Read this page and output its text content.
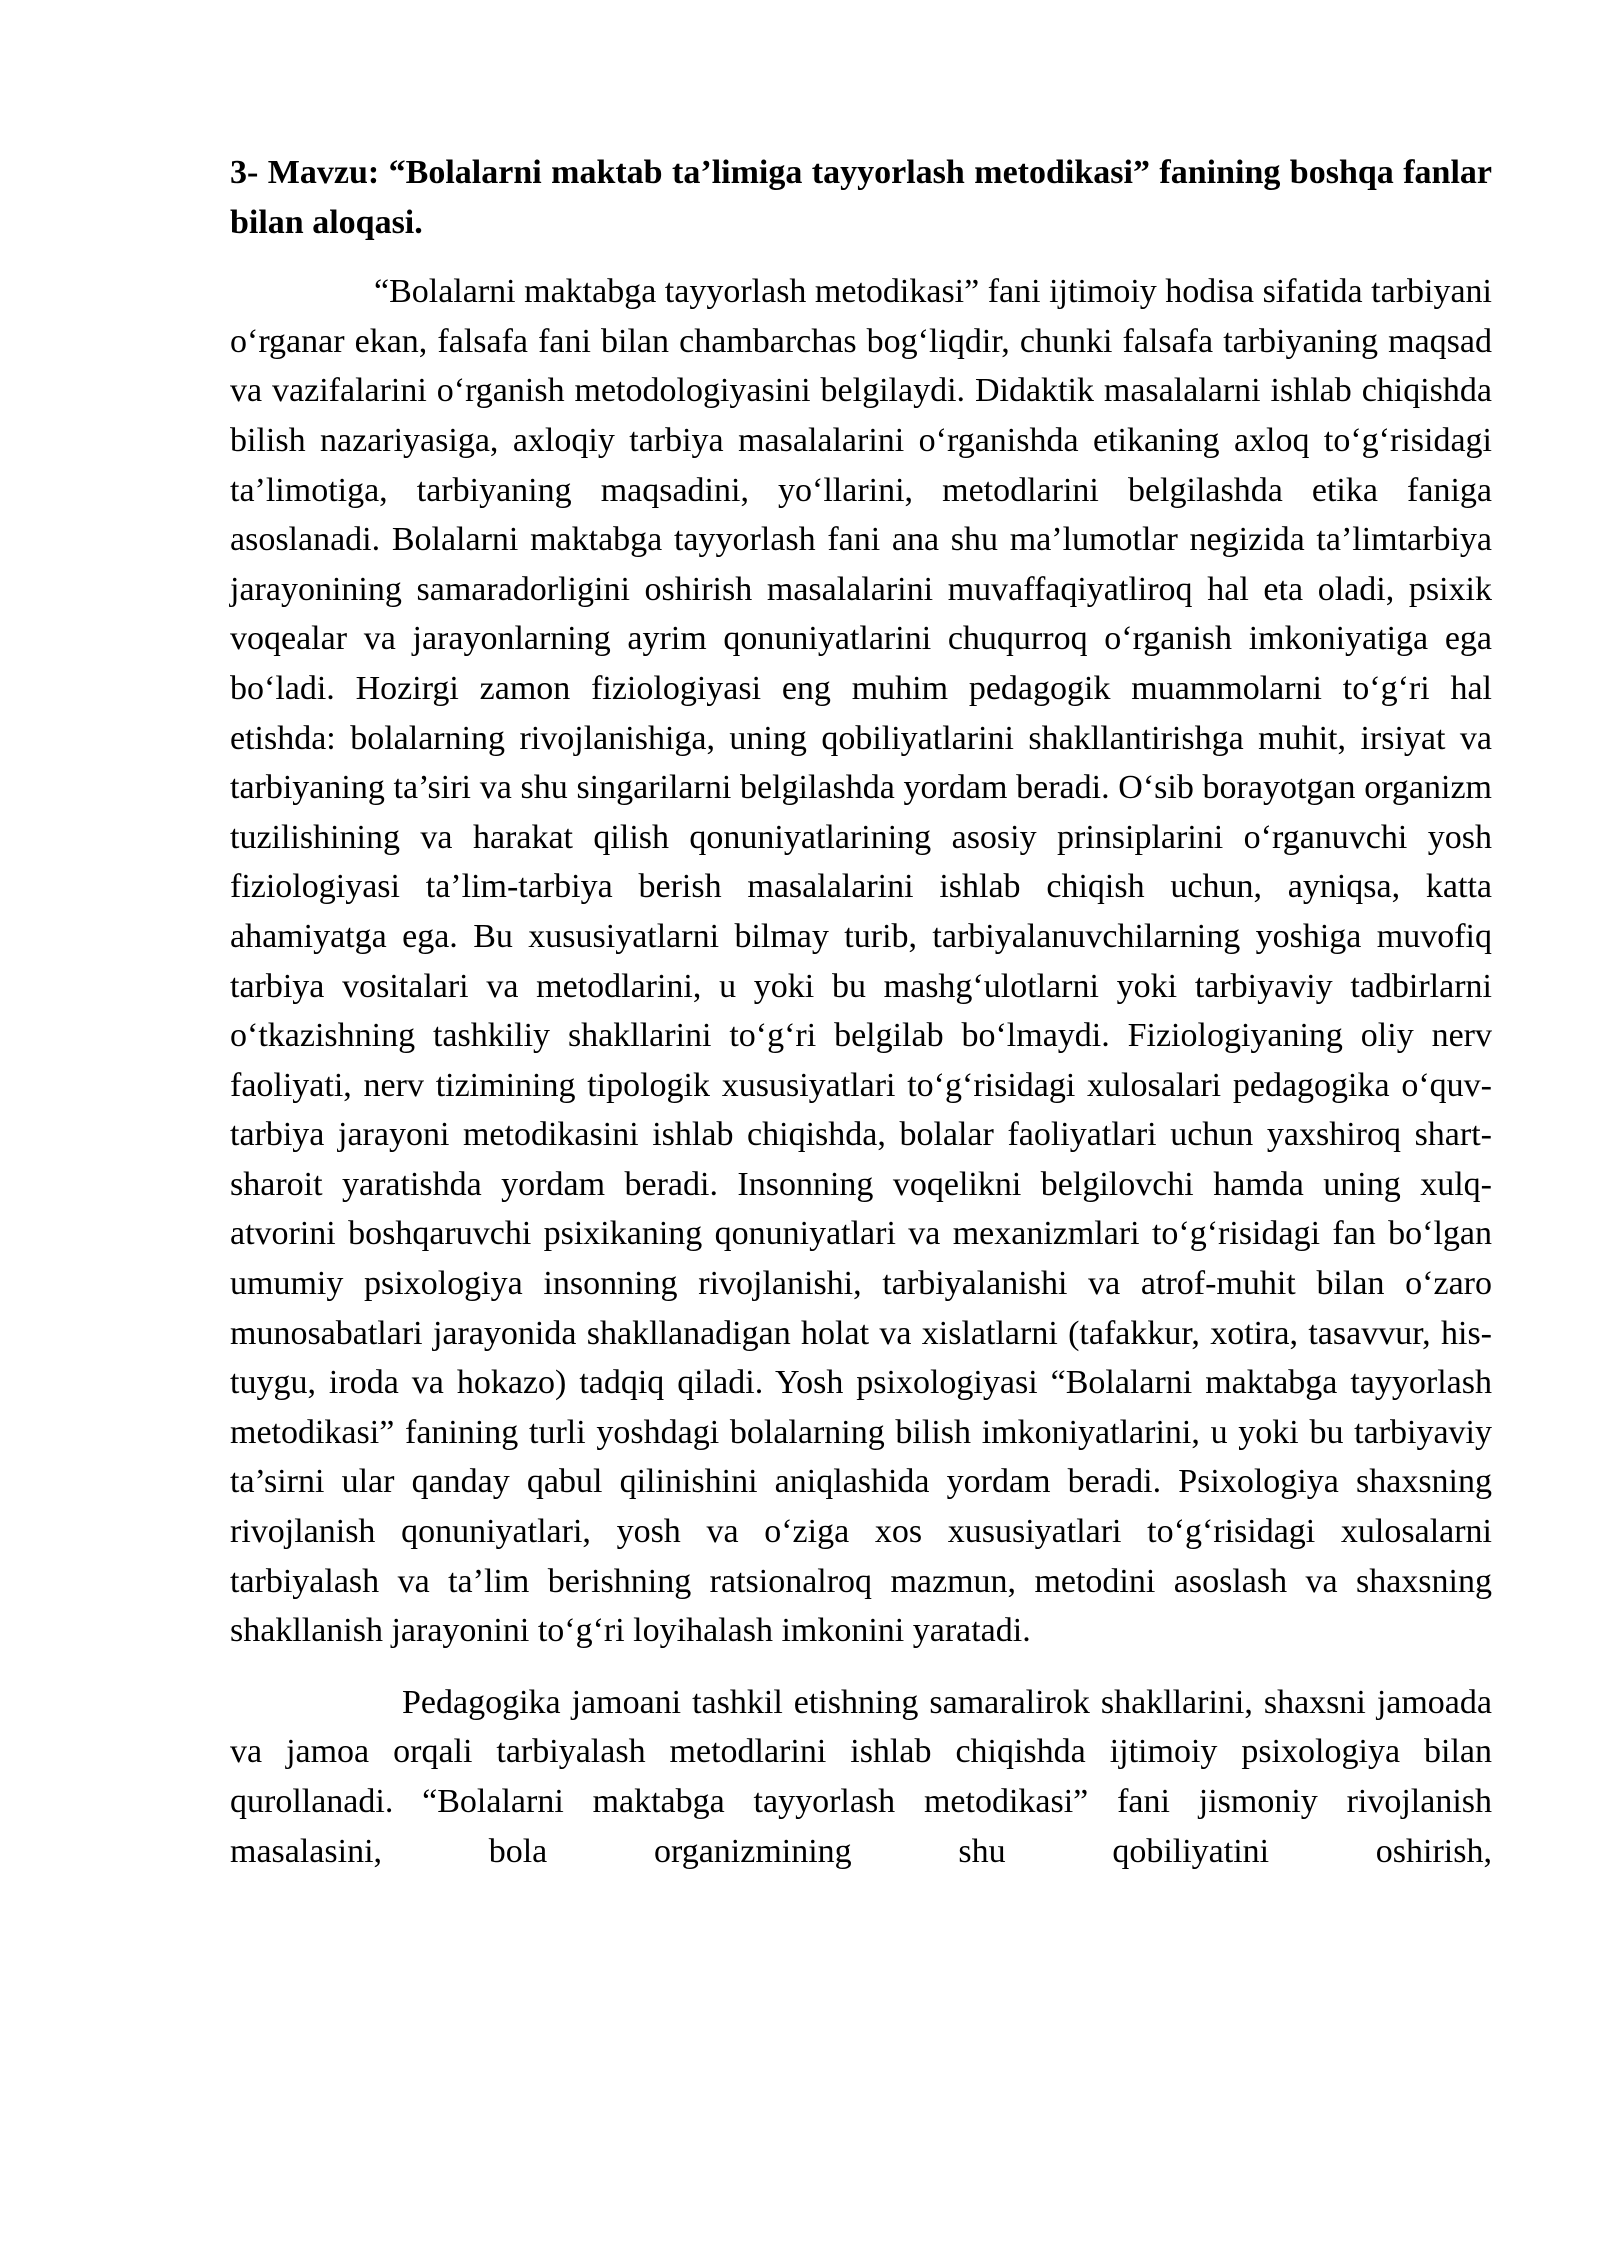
3- Mavzu: “Bolalarni maktab ta’limiga tayyorlash metodikasi” fanining boshqa fanlar bilan aloqasi.

“Bolalarni maktabga tayyorlash metodikasi” fani ijtimoiy hodisa sifatida tarbiyani o‘rganar ekan, falsafa fani bilan chambarchas bog‘liqdir, chunki falsafa tarbiyaning maqsad va vazifalarini o‘rganish metodologiyasini belgilaydi. Didaktik masalalarni ishlab chiqishda bilish nazariyasiga, axloqiy tarbiya masalalarini o‘rganishda etikaning axloq to‘g‘risidagi ta’limotiga, tarbiyaning maqsadini, yo‘llarini, metodlarini belgilashda etika faniga asoslanadi. Bolalarni maktabga tayyorlash fani ana shu ma’lumotlar negizida ta’limtarbiya jarayonining samaradorligini oshirish masalalarini muvaffaqiyatliroq hal eta oladi, psixik voqealar va jarayonlarning ayrim qonuniyatlarini chuqurroq o‘rganish imkoniyatiga ega bo‘ladi. Hozirgi zamon fiziologiyasi eng muhim pedagogik muammolarni to‘g‘ri hal etishda: bolalarning rivojlanishiga, uning qobiliyatlarini shakllantirishga muhit, irsiyat va tarbiyaning ta’siri va shu singarilarni belgilashda yordam beradi. O‘sib borayotgan organizm tuzilishining va harakat qilish qonuniyatlarining asosiy prinsiplarini o‘rganuvchi yosh fiziologiyasi ta’lim-tarbiya berish masalalarini ishlab chiqish uchun, ayniqsa, katta ahamiyatga ega. Bu xususiyatlarni bilmay turib, tarbiyalanuvchilarning yoshiga muvofiq tarbiya vositalari va metodlarini, u yoki bu mashg‘ulotlarni yoki tarbiyaviy tadbirlarni o‘tkazishning tashkiliy shakllarini to‘g‘ri belgilab bo‘lmaydi. Fiziologiyaning oliy nerv faoliyati, nerv tizimining tipologik xususiyatlari to‘g‘risidagi xulosalari pedagogika o‘quv-tarbiya jarayoni metodikasini ishlab chiqishda, bolalar faoliyatlari uchun yaxshiroq shart-sharoit yaratishda yordam beradi. Insonning voqelikni belgilovchi hamda uning xulq-atvorini boshqaruvchi psixikaning qonuniyatlari va mexanizmlari to‘g‘risidagi fan bo‘lgan umumiy psixologiya insonning rivojlanishi, tarbiyalanishi va atrof-muhit bilan o‘zaro munosabatlari jarayonida shakllanadigan holat va xislatlarni (tafakkur, xotira, tasavvur, his-tuygu, iroda va hokazo) tadqiq qiladi. Yosh psixologiyasi “Bolalarni maktabga tayyorlash metodikasi” fanining turli yoshdagi bolalarning bilish imkoniyatlarini, u yoki bu tarbiyaviy ta’sirni ular qanday qabul qilinishini aniqlashida yordam beradi. Psixologiya shaxsning rivojlanish qonuniyatlari, yosh va o‘ziga xos xususiyatlari to‘g‘risidagi xulosalarni tarbiyalash va ta’lim berishning ratsionalroq mazmun, metodini asoslash va shaxsning shakllanish jarayonini to‘g‘ri loyihalash imkonini yaratadi.

Pedagogika jamoani tashkil etishning samaralirok shakllarini, shaxsni jamoada va jamoa orqali tarbiyalash metodlarini ishlab chiqishda ijtimoiy psixologiya bilan qurollanadi. “Bolalarni maktabga tayyorlash metodikasi” fani jismoniy rivojlanish masalasini, bola organizmining shu qobiliyatini oshirish,
